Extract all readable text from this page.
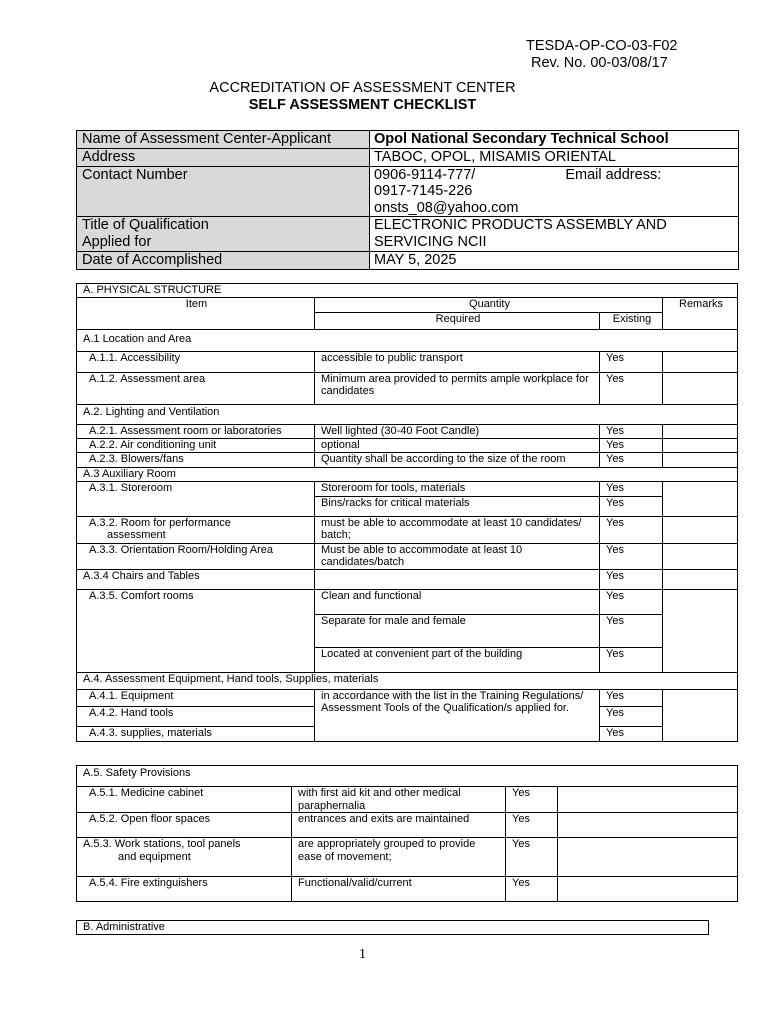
TESDA-OP-CO-03-F02
Rev. No. 00-03/08/17
ACCREDITATION OF ASSESSMENT CENTER
SELF ASSESSMENT CHECKLIST
Name of Assessment Center-Applicant	Opol National Secondary Technical School
Address	TABOC, OPOL, MISAMIS ORIENTAL
Contact Number	0906-9114-777/ Email address:
0917-7145-226
onsts_08@yahoo.com
Title of Qualification
Applied for	ELECTRONIC PRODUCTS ASSEMBLY AND
SERVICING NCII
Date of Accomplished	MAY 5, 2025
A. PHYSICAL STRUCTURE			
Item	Quantity		Remarks
	Required	Existing	
A.1 Location and Area			
A.1.1. Accessibility	accessible to public transport	Yes	
A.1.2. Assessment area	Minimum area provided to permits ample workplace for candidates	Yes	
A.2. Lighting and Ventilation			
A.2.1. Assessment room or laboratories	Well lighted (30-40 Foot Candle)	Yes	
A.2.2. Air conditioning unit	optional	Yes	
A.2.3. Blowers/fans	Quantity shall be according to the size of the room	Yes	
A.3 Auxiliary Room			
A.3.1. Storeroom	Storeroom for tools, materials	Yes	
	Bins/racks for critical materials	Yes	
A.3.2. Room for performance
assessment	must be able to accommodate at least 10 candidates/ batch;	Yes	
A.3.3. Orientation Room/Holding Area	Must be able to accommodate at least 10 candidates/batch	Yes	
A.3.4 Chairs and Tables		Yes	
A.3.5. Comfort rooms	Clean and functional	Yes	
	Separate for male and female	Yes	
	Located at convenient part of the building	Yes	
A.4. Assessment Equipment, Hand tools, Supplies, materials			
A.4.1. Equipment	in accordance with the list in the Training Regulations/ Assessment Tools of the Qualification/s applied for.	Yes	
A.4.2. Hand tools		Yes	
A.4.3. supplies, materials		Yes	
A.5. Safety Provisions			
A.5.1. Medicine cabinet	with first aid kit and other medical paraphernalia	Yes	
A.5.2. Open floor spaces	entrances and exits are maintained	Yes	
A.5.3. Work stations, tool panels
and equipment	are appropriately grouped to provide ease of movement;	Yes	
A.5.4. Fire extinguishers	Functional/valid/current	Yes	
B. Administrative
1
